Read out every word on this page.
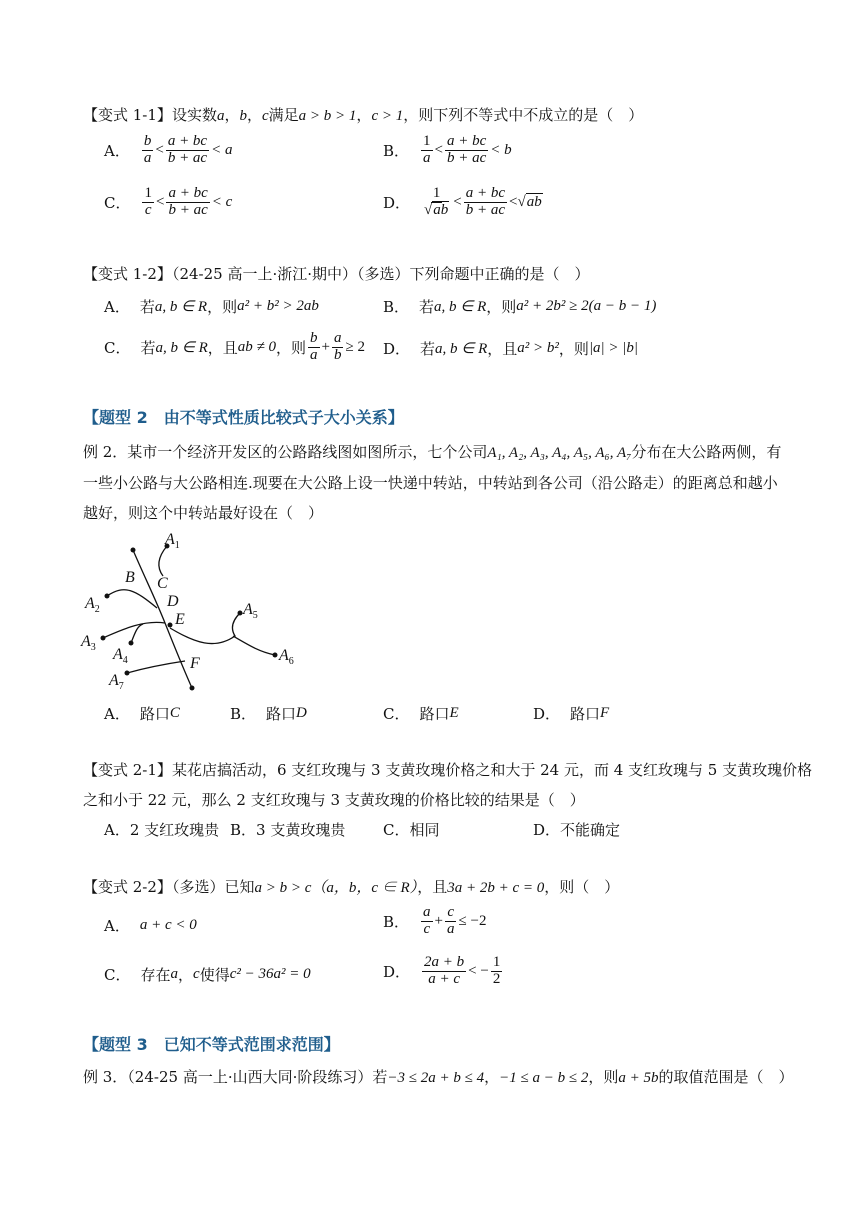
【变式 1-1】设实数a，b，c满足a > b > 1，c > 1，则下列不等式中不成立的是（　）
A． $\frac{b}{a} < \frac{a + bc}{b + ac} < a$	B． $\frac{1}{a} < \frac{a + bc}{b + ac} < b$
C． $\frac{1}{c} < \frac{a + bc}{b + ac} < c$	D． $\frac{1}{√ab} < \frac{a + bc}{b + ac}$ < √ ab
【变式 1-2】（24-25 高一上·浙江·期中）（多选）下列命题中正确的是（　）
A． 若 a, b ∈ R ，则 a² + b² > 2ab	B． 若 a, b ∈ R ，则 a² + 2b² ≥ 2(a − b − 1)
C． 若 a, b ∈ R ，且 ab ≠ 0 ，则 $\frac{b}{a} + \frac{a}{b} \ge 2$ D． 若 a, b ∈ R ，且 a² > b² ，则 |a| > |b|
【题型 2　由不等式性质比较式子大小关系】
例 2．某市一个经济开发区的公路路线图如图所示，七个公司A₁, A₂, A₃, A₄, A₅, A₆, A₇分布在大公路两侧，有
一些小公路与大公路相连.现要在大公路上设一快递中转站，中转站到各公司（沿公路走）的距离总和越小
越好，则这个中转站最好设在（　）
$A_1$
$A_2$
$A_3$ $A_4$
$A_5$
$A_6$
$A_7$
B C
D
E
F
A． 路口 C	B． 路口 D	C． 路口 E	D． 路口 F
【变式 2-1】某花店搞活动，6 支红玫瑰与 3 支黄玫瑰价格之和大于 24 元，而 4 支红玫瑰与 5 支黄玫瑰价格
之和小于 22 元，那么 2 支红玫瑰与 3 支黄玫瑰的价格比较的结果是（　）
A．2 支红玫瑰贵 B．3 支黄玫瑰贵	C．相同	D．不能确定
【变式 2-2】（多选）已知a > b > c（a，b，c ∈ R），且3a + 2b + c = 0，则（　）
A． a + c < 0	B． $\frac{a}{c} + \frac{c}{a} \le -2$
C． 存在 a ， c 使得 c² − 36a² = 0	D． $\frac{2a + b}{a + c}$ < − $\frac{1}{2}$
【题型 3　已知不等式范围求范围】
例 3．（24-25 高一上·山西大同·阶段练习）若−3 ≤ 2a + b ≤ 4，−1 ≤ a − b ≤ 2，则a + 5b的取值范围是（　）
